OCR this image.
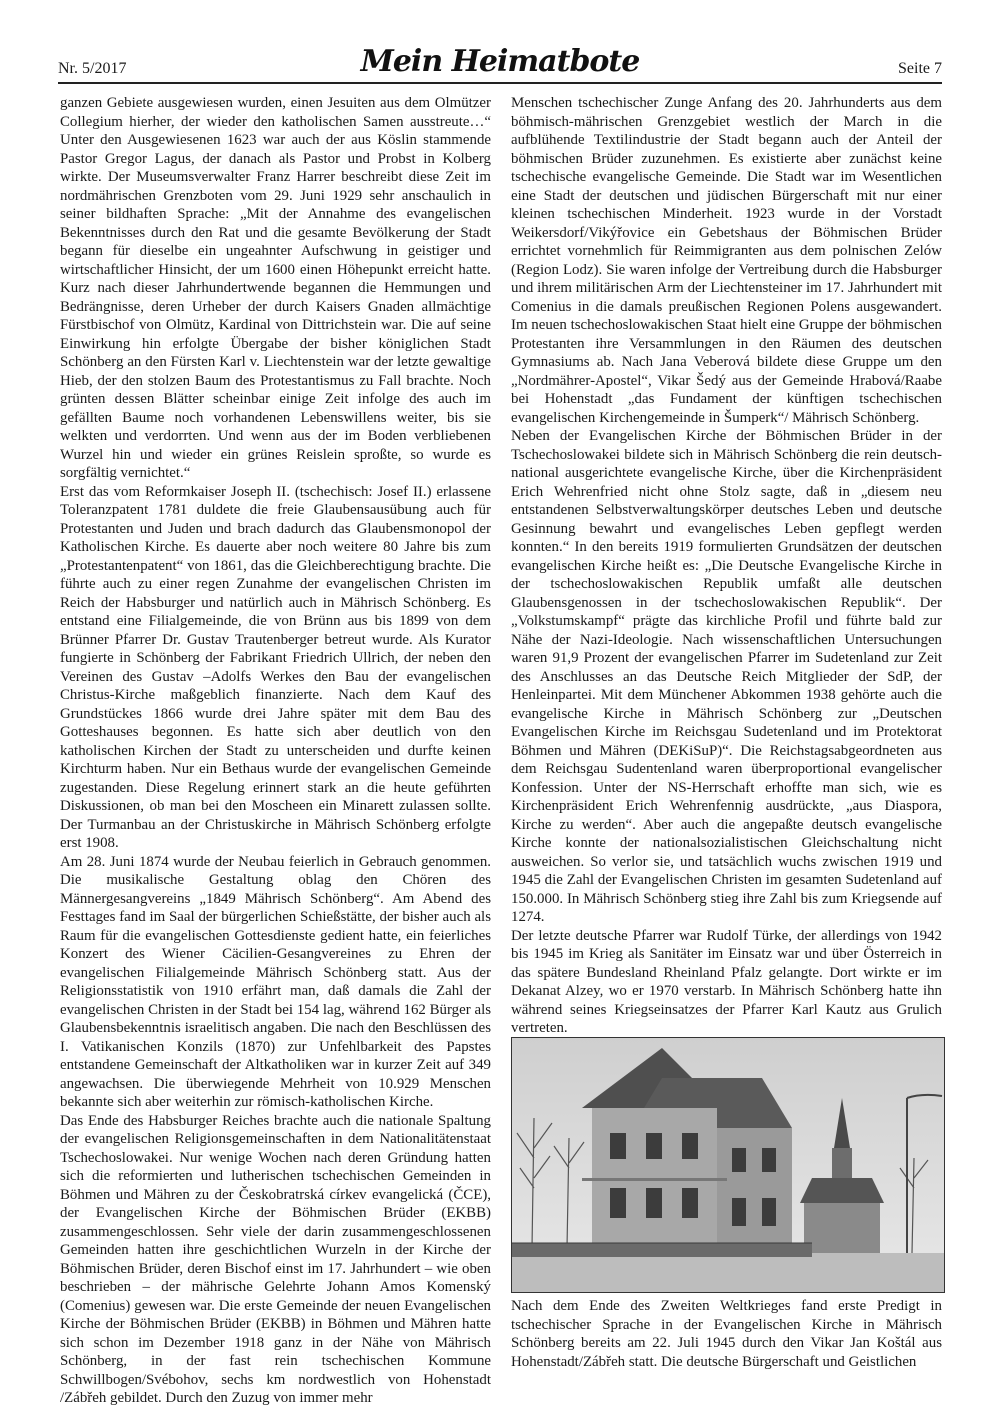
Nr. 5/2017	Mein Heimatbote	Seite 7

ganzen Gebiete ausgewiesen wurden, einen Jesuiten aus dem Olmützer Collegium hierher, der wieder den katholischen Samen ausstreute…“ Unter den Ausgewiesenen 1623 war auch der aus Köslin stammende Pastor Gregor Lagus, der danach als Pastor und Probst in Kolberg wirkte. Der Museumsverwalter Franz Harrer beschreibt diese Zeit im nordmährischen Grenzboten vom 29. Juni 1929 sehr anschaulich in seiner bildhaften Sprache: „Mit der Annahme des evangelischen Bekenntnisses durch den Rat und die gesamte Bevölkerung der Stadt begann für dieselbe ein ungeahnter Aufschwung in geistiger und wirtschaftlicher Hinsicht, der um 1600 einen Höhepunkt erreicht hatte. Kurz nach dieser Jahrhundertwende begannen die Hemmungen und Bedrängnisse, deren Urheber der durch Kaisers Gnaden allmächtige Fürstbischof von Olmütz, Kardinal von Dittrichstein war. Die auf seine Einwirkung hin erfolgte Übergabe der bisher königlichen Stadt Schönberg an den Fürsten Karl v. Liechtenstein war der letzte gewaltige Hieb, der den stolzen Baum des Protestantismus zu Fall brachte. Noch grünten dessen Blätter scheinbar einige Zeit infolge des auch im gefällten Baume noch vorhandenen Lebenswillens weiter, bis sie welkten und verdorrten. Und wenn aus der im Boden verbliebenen Wurzel hin und wieder ein grünes Reislein sproßte, so wurde es sorgfältig vernichtet.“

Erst das vom Reformkaiser Joseph II. (tschechisch: Josef II.) erlassene Toleranzpatent 1781 duldete die freie Glaubensausübung auch für Protestanten und Juden und brach dadurch das Glaubensmonopol der Katholischen Kirche. Es dauerte aber noch weitere 80 Jahre bis zum „Protestantenpatent“ von 1861, das die Gleichberechtigung brachte. Die führte auch zu einer regen Zunahme der evangelischen Christen im Reich der Habsburger und natürlich auch in Mährisch Schönberg. Es entstand eine Filialgemeinde, die von Brünn aus bis 1899 von dem Brünner Pfarrer Dr. Gustav Trautenberger betreut wurde. Als Kurator fungierte in Schönberg der Fabrikant Friedrich Ullrich, der neben den Vereinen des Gustav –Adolfs Werkes den Bau der evangelischen Christus-Kirche maßgeblich finanzierte. Nach dem Kauf des Grundstückes 1866 wurde drei Jahre später mit dem Bau des Gotteshauses begonnen. Es hatte sich aber deutlich von den katholischen Kirchen der Stadt zu unterscheiden und durfte keinen Kirchturm haben. Nur ein Bethaus wurde der evangelischen Gemeinde zugestanden. Diese Regelung erinnert stark an die heute geführten Diskussionen, ob man bei den Moscheen ein Minarett zulassen sollte. Der Turmanbau an der Christuskirche in Mährisch Schönberg erfolgte erst 1908.

Am 28. Juni 1874 wurde der Neubau feierlich in Gebrauch genommen. Die musikalische Gestaltung oblag den Chören des Männergesangvereins „1849 Mährisch Schönberg“. Am Abend des Festtages fand im Saal der bürgerlichen Schießstätte, der bisher auch als Raum für die evangelischen Gottesdienste gedient hatte, ein feierliches Konzert des Wiener Cäcilien-Gesangvereines zu Ehren der evangelischen Filialgemeinde Mährisch Schönberg statt. Aus der Religionsstatistik von 1910 erfährt man, daß damals die Zahl der evangelischen Christen in der Stadt bei 154 lag, während 162 Bürger als Glaubensbekenntnis israelitisch angaben. Die nach den Beschlüssen des I. Vatikanischen Konzils (1870) zur Unfehlbarkeit des Papstes entstandene Gemeinschaft der Altkatholiken war in kurzer Zeit auf 349 angewachsen. Die überwiegende Mehrheit von 10.929 Menschen bekannte sich aber weiterhin zur römisch-katholischen Kirche.

Das Ende des Habsburger Reiches brachte auch die nationale Spaltung der evangelischen Religionsgemeinschaften in dem Nationalitätenstaat Tschechoslowakei. Nur wenige Wochen nach deren Gründung hatten sich die reformierten und lutherischen tschechischen Gemeinden in Böhmen und Mähren zu der Českobratrská církev evangelická (ČCE), der Evangelischen Kirche der Böhmischen Brüder (EKBB) zusammengeschlossen. Sehr viele der darin zusammengeschlossenen Gemeinden hatten ihre geschichtlichen Wurzeln in der Kirche der Böhmischen Brüder, deren Bischof einst im 17. Jahrhundert – wie oben beschrieben – der mährische Gelehrte Johann Amos Komenský (Comenius) gewesen war. Die erste Gemeinde der neuen Evangelischen Kirche der Böhmischen Brüder (EKBB) in Böhmen und Mähren hatte sich schon im Dezember 1918 ganz in der Nähe von Mährisch Schönberg, in der fast rein tschechischen Kommune Schwillbogen/Svébohov, sechs km nordwestlich von Hohenstadt /Zábřeh gebildet. Durch den Zuzug von immer mehr

Menschen tschechischer Zunge Anfang des 20. Jahrhunderts aus dem böhmisch-mährischen Grenzgebiet westlich der March in die aufblühende Textilindustrie der Stadt begann auch der Anteil der böhmischen Brüder zuzunehmen. Es existierte aber zunächst keine tschechische evangelische Gemeinde. Die Stadt war im Wesentlichen eine Stadt der deutschen und jüdischen Bürgerschaft mit nur einer kleinen tschechischen Minderheit. 1923 wurde in der Vorstadt Weikersdorf/Vikýřovice ein Gebetshaus der Böhmischen Brüder errichtet vornehmlich für Reimmigranten aus dem polnischen Zelów (Region Lodz). Sie waren infolge der Vertreibung durch die Habsburger und ihrem militärischen Arm der Liechtensteiner im 17. Jahrhundert mit Comenius in die damals preußischen Regionen Polens ausgewandert. Im neuen tschechoslowakischen Staat hielt eine Gruppe der böhmischen Protestanten ihre Versammlungen in den Räumen des deutschen Gymnasiums ab. Nach Jana Veberová bildete diese Gruppe um den „Nordmährer-Apostel“, Vikar Šedý aus der Gemeinde Hrabová/Raabe bei Hohenstadt „das Fundament der künftigen tschechischen evangelischen Kirchengemeinde in Šumperk“/ Mährisch Schönberg.

Neben der Evangelischen Kirche der Böhmischen Brüder in der Tschechoslowakei bildete sich in Mährisch Schönberg die rein deutsch-national ausgerichtete evangelische Kirche, über die Kirchenpräsident Erich Wehrenfried nicht ohne Stolz sagte, daß in „diesem neu entstandenen Selbstverwaltungskörper deutsches Leben und deutsche Gesinnung bewahrt und evangelisches Leben gepflegt werden konnten.“ In den bereits 1919 formulierten Grundsätzen der deutschen evangelischen Kirche heißt es: „Die Deutsche Evangelische Kirche in der tschechoslowakischen Republik umfaßt alle deutschen Glaubensgenossen in der tschechoslowakischen Republik“. Der „Volkstumskampf“ prägte das kirchliche Profil und führte bald zur Nähe der Nazi-Ideologie. Nach wissenschaftlichen Untersuchungen waren 91,9 Prozent der evangelischen Pfarrer im Sudetenland zur Zeit des Anschlusses an das Deutsche Reich Mitglieder der SdP, der Henleinpartei. Mit dem Münchener Abkommen 1938 gehörte auch die evangelische Kirche in Mährisch Schönberg zur „Deutschen Evangelischen Kirche im Reichsgau Sudetenland und im Protektorat Böhmen und Mähren (DEKiSuP)“. Die Reichstagsabgeordneten aus dem Reichsgau Sudentenland waren überproportional evangelischer Konfession. Unter der NS-Herrschaft erhoffte man sich, wie es Kirchenpräsident Erich Wehrenfennig ausdrückte, „aus Diaspora, Kirche zu werden“. Aber auch die angepaßte deutsch evangelische Kirche konnte der nationalsozialistischen Gleichschaltung nicht ausweichen. So verlor sie, und tatsächlich wuchs zwischen 1919 und 1945 die Zahl der Evangelischen Christen im gesamten Sudetenland auf 150.000. In Mährisch Schönberg stieg ihre Zahl bis zum Kriegsende auf 1274.

Der letzte deutsche Pfarrer war Rudolf Türke, der allerdings von 1942 bis 1945 im Krieg als Sanitäter im Einsatz war und über Österreich in das spätere Bundesland Rheinland Pfalz gelangte. Dort wirkte er im Dekanat Alzey, wo er 1970 verstarb. In Mährisch Schönberg hatte ihn während seines Kriegseinsatzes der Pfarrer Karl Kautz aus Grulich vertreten.

Nach dem Ende des Zweiten Weltkrieges fand erste Predigt in tschechischer Sprache in der Evangelischen Kirche in Mährisch Schönberg bereits am 22. Juli 1945 durch den Vikar Jan Koštál aus Hohenstadt/Zábřeh statt. Die deutsche Bürgerschaft und Geistlichen
